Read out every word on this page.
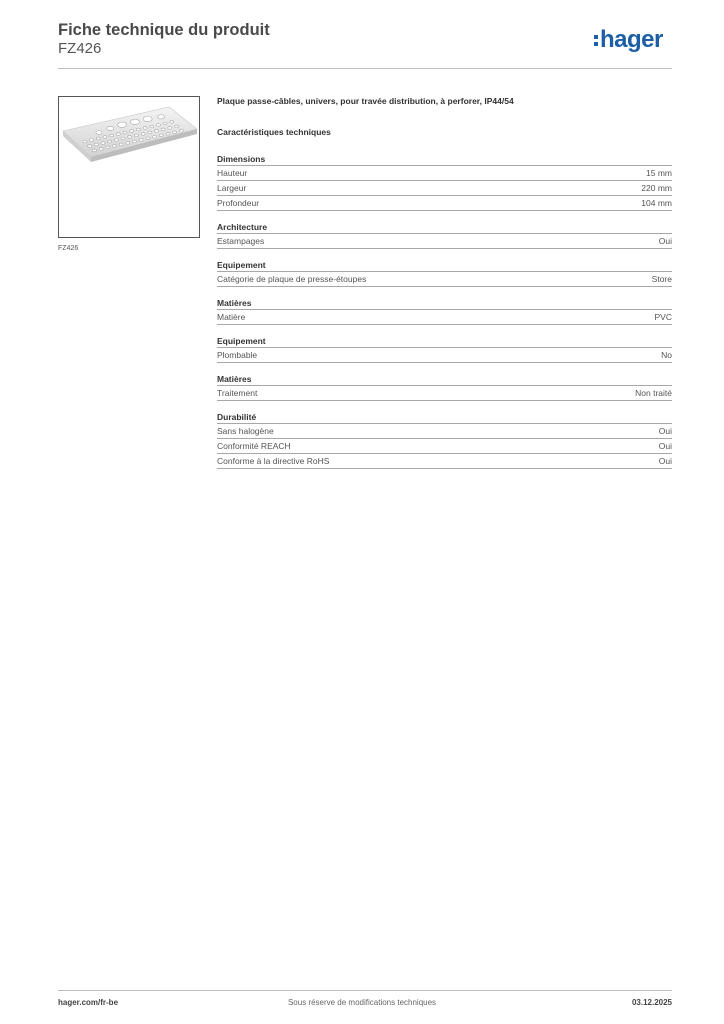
Fiche technique du produit
FZ426	hager
FZ426
Plaque passe-câbles, univers, pour travée distribution, à perforer, IP44/54
Caractéristiques techniques
Dimensions
Hauteur	15 mm
Largeur	220 mm
Profondeur	104 mm
Architecture
Estampages	Oui
Equipement
Catégorie de plaque de presse-étoupes	Store
Matières
Matière	PVC
Equipement
Plombable	No
Matières
Traitement	Non traité
Durabilité
Sans halogène	Oui
Conformité REACH	Oui
Conforme à la directive RoHS	Oui
hager.com/fr-be	Sous réserve de modifications techniques	03.12.2025
